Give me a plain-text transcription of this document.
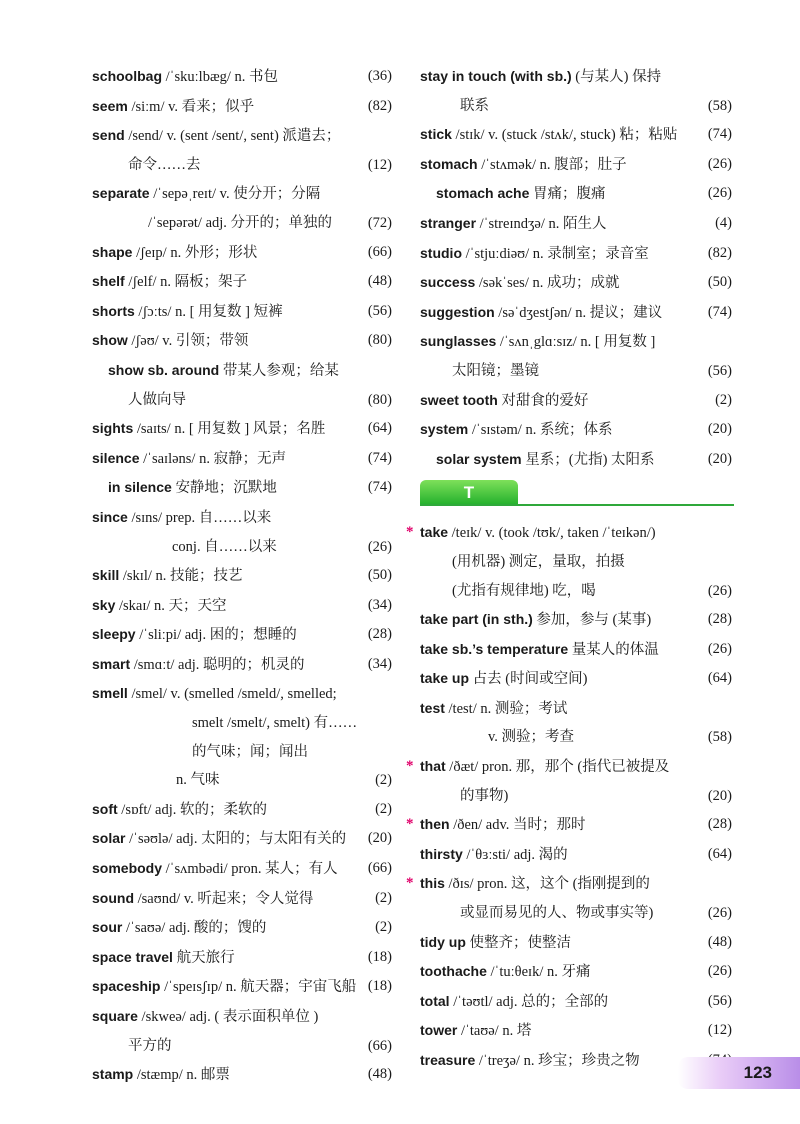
schoolbag /ˈskuːlbæg/ n. 书包	(36)
seem /siːm/ v. 看来；似乎	(82)
send /send/ v. (sent /sent/, sent) 派遣去；
命令……去	(12)
separate /ˈsepəˌreɪt/ v. 使分开；分隔
/ˈsepərət/ adj. 分开的；单独的 (72)
shape /ʃeɪp/ n. 外形；形状	(66)
shelf /ʃelf/ n. 隔板；架子	(48)
shorts /ʃɔːts/ n. [ 用复数 ] 短裤	(56)
show /ʃəʊ/ v. 引领；带领	(80)
show sb. around 带某人参观；给某
人做向导	(80)
sights /saɪts/ n. [ 用复数 ] 风景；名胜	(64)
silence /ˈsaɪləns/ n. 寂静；无声	(74)
in silence 安静地；沉默地	(74)
since /sɪns/ prep. 自……以来
conj. 自……以来	(26)
skill /skɪl/ n. 技能；技艺	(50)
sky /skaɪ/ n. 天；天空	(34)
sleepy /ˈsliːpi/ adj. 困的；想睡的	(28)
smart /smɑːt/ adj. 聪明的；机灵的	(34)
smell /smel/ v. (smelled /smeld/, smelled;
smelt /smelt/, smelt) 有……
的气味；闻；闻出
n. 气味	(2)
soft /sɒft/ adj. 软的；柔软的	(2)
solar /ˈsəʊlə/ adj. 太阳的；与太阳有关的 (20)
somebody /ˈsʌmbədi/ pron. 某人；有人 (66)
sound /saʊnd/ v. 听起来；令人觉得	(2)
sour /ˈsaʊə/ adj. 酸的；馊的	(2)
space travel 航天旅行	(18)
spaceship /ˈspeɪsʃɪp/ n. 航天器；宇宙飞船 (18)
square /skweə/ adj. ( 表示面积单位 )
平方的	(66)
stamp /stæmp/ n. 邮票	(48)
stay in touch (with sb.) (与某人) 保持
联系	(58)
stick /stɪk/ v. (stuck /stʌk/, stuck) 粘；粘贴 (74)
stomach /ˈstʌmək/ n. 腹部；肚子	(26)
stomach ache 胃痛；腹痛	(26)
stranger /ˈstreɪndʒə/ n. 陌生人	(4)
studio /ˈstjuːdiəʊ/ n. 录制室；录音室	(82)
success /səkˈses/ n. 成功；成就	(50)
suggestion /səˈdʒestʃən/ n. 提议；建议	(74)
sunglasses /ˈsʌnˌglɑːsɪz/ n. [ 用复数 ]
太阳镜；墨镜	(56)
sweet tooth 对甜食的爱好	(2)
system /ˈsɪstəm/ n. 系统；体系	(20)
solar system 星系；(尤指) 太阳系	(20)
T
* take /teɪk/ v. (took /tʊk/, taken /ˈteɪkən/)
(用机器) 测定，量取，拍摄
(尤指有规律地) 吃，喝	(26)
take part (in sth.) 参加，参与 (某事)	(28)
take sb.’s temperature 量某人的体温	(26)
take up 占去 (时间或空间)	(64)
test /test/ n. 测验；考试
v. 测验；考查	(58)
* that /ðæt/ pron. 那，那个 (指代已被提及
的事物)	(20)
* then /ðen/ adv. 当时；那时	(28)
thirsty /ˈθɜːsti/ adj. 渴的	(64)
* this /ðɪs/ pron. 这，这个 (指刚提到的
或显而易见的人、物或事实等)	(26)
tidy up 使整齐；使整洁	(48)
toothache /ˈtuːθeɪk/ n. 牙痛	(26)
total /ˈtəʊtl/ adj. 总的；全部的	(56)
tower /ˈtaʊə/ n. 塔	(12)
treasure /ˈtreʒə/ n. 珍宝；珍贵之物
123
